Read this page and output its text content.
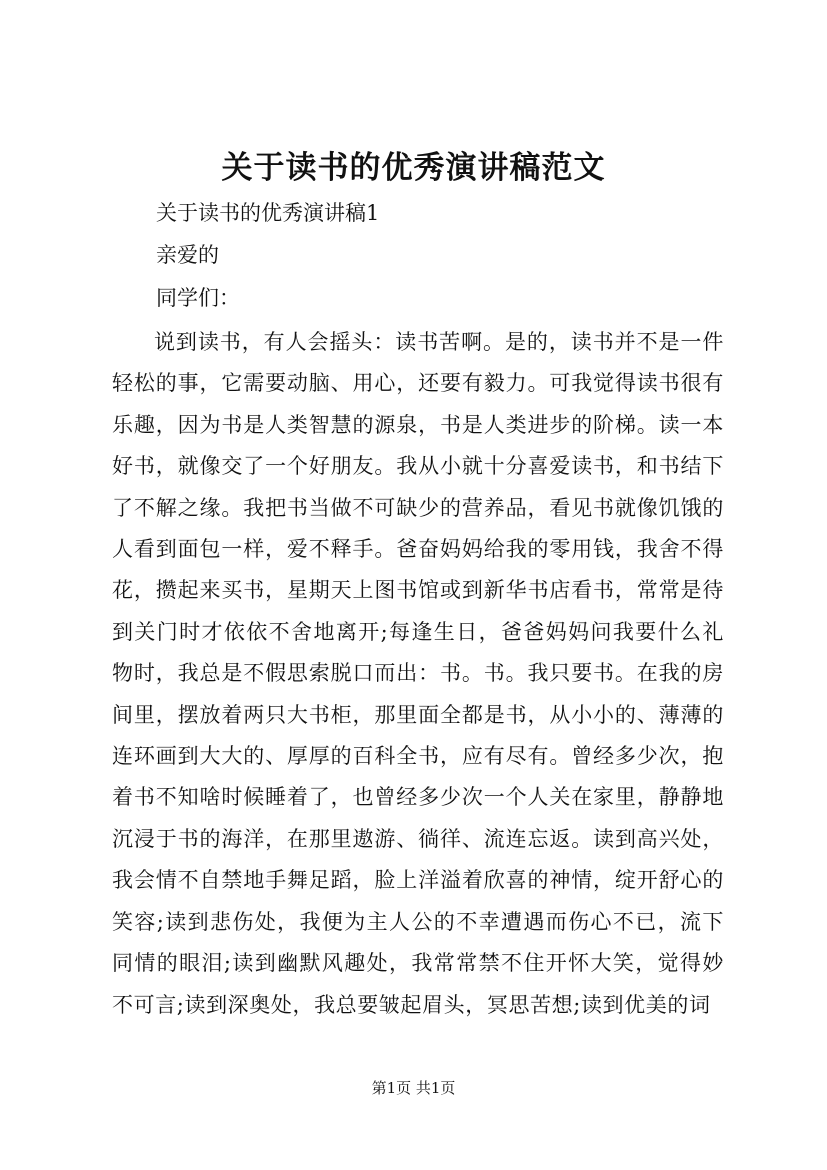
关于读书的优秀演讲稿范文
关于读书的优秀演讲稿1
亲爱的
同学们：
说到读书，有人会摇头：读书苦啊。是的，读书并不是一件轻松的事，它需要动脑、用心，还要有毅力。可我觉得读书很有乐趣，因为书是人类智慧的源泉，书是人类进步的阶梯。读一本好书，就像交了一个好朋友。我从小就十分喜爱读书，和书结下了不解之缘。我把书当做不可缺少的营养品，看见书就像饥饿的人看到面包一样，爱不释手。爸奋妈妈给我的零用钱，我舍不得花，攒起来买书，星期天上图书馆或到新华书店看书，常常是待到关门时才依依不舍地离开;每逢生日，爸爸妈妈问我要什么礼物时，我总是不假思索脱口而出：书。书。我只要书。在我的房间里，摆放着两只大书柜，那里面全都是书，从小小的、薄薄的连环画到大大的、厚厚的百科全书，应有尽有。曾经多少次，抱着书不知啥时候睡着了，也曾经多少次一个人关在家里，静静地沉浸于书的海洋，在那里遨游、徜徉、流连忘返。读到高兴处，我会情不自禁地手舞足蹈，脸上洋溢着欣喜的神情，绽开舒心的笑容;读到悲伤处，我便为主人公的不幸遭遇而伤心不已，流下同情的眼泪;读到幽默风趣处，我常常禁不住开怀大笑，觉得妙不可言;读到深奥处，我总要皱起眉头，冥思苦想;读到优美的词
第1页 共1页
